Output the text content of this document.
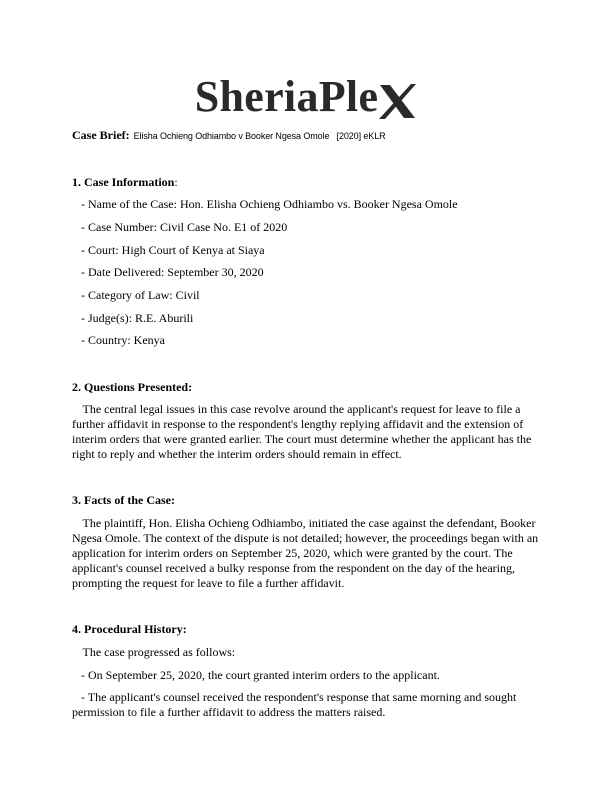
SheriaPle
Case Brief: Elisha Ochieng Odhiambo v Booker Ngesa Omole   [2020] eKLR
1. Case Information:

- Name of the Case: Hon. Elisha Ochieng Odhiambo vs. Booker Ngesa Omole

- Case Number: Civil Case No. E1 of 2020

- Court: High Court of Kenya at Siaya

- Date Delivered: September 30, 2020

- Category of Law: Civil

- Judge(s): R.E. Aburili

- Country: Kenya

2. Questions Presented:

The central legal issues in this case revolve around the applicant's request for leave to file a further affidavit in response to the respondent's lengthy replying affidavit and the extension of interim orders that were granted earlier. The court must determine whether the applicant has the right to reply and whether the interim orders should remain in effect.

3. Facts of the Case:

The plaintiff, Hon. Elisha Ochieng Odhiambo, initiated the case against the defendant, Booker Ngesa Omole. The context of the dispute is not detailed; however, the proceedings began with an application for interim orders on September 25, 2020, which were granted by the court. The applicant's counsel received a bulky response from the respondent on the day of the hearing, prompting the request for leave to file a further affidavit.

4. Procedural History:

The case progressed as follows:

- On September 25, 2020, the court granted interim orders to the applicant.

- The applicant's counsel received the respondent's response that same morning and sought permission to file a further affidavit to address the matters raised.
